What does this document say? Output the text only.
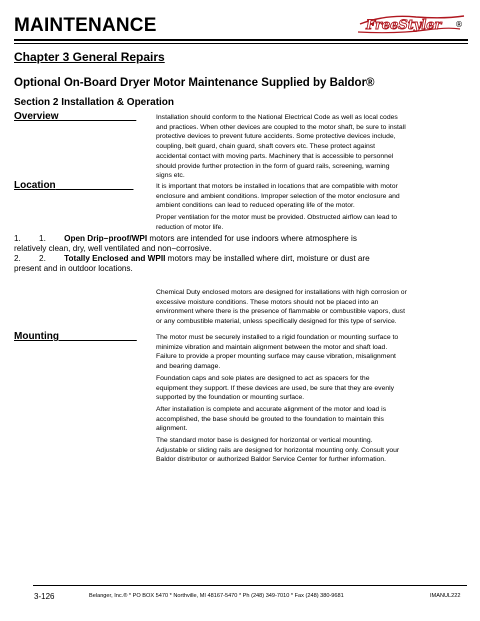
MAINTENANCE	FreeStyler ®
Chapter 3 General Repairs
Optional On-Board Dryer Motor Maintenance Supplied by Baldor®
Section 2 Installation & Operation
Overview	Installation should conform to the National Electrical Code as well as local codes
and practices. When other devices are coupled to the motor shaft, be sure to install
protective devices to prevent future accidents. Some protective devices include,
coupling, belt guard, chain guard, shaft covers etc. These protect against
accidental contact with moving parts. Machinery that is accessible to personnel
should provide further protection in the form of guard rails, screening, warning
signs etc.
Location	It is important that motors be installed in locations that are compatible with motor
enclosure and ambient conditions. Improper selection of the motor enclosure and
ambient conditions can lead to reduced operating life of the motor.
Proper ventilation for the motor must be provided. Obstructed airflow can lead to
reduction of motor life.
1. 1. Open Drip−proof/WPI motors are intended for use indoors where atmosphere is
relatively clean, dry, well ventilated and non−corrosive.
2. 2. Totally Enclosed and WPII motors may be installed where dirt, moisture or dust are
present and in outdoor locations.
Chemical Duty enclosed motors are designed for installations with high corrosion or
excessive moisture conditions. These motors should not be placed into an
environment where there is the presence of flammable or combustible vapors, dust
or any combustible material, unless specifically designed for this type of service.
Mounting	The motor must be securely installed to a rigid foundation or mounting surface to
minimize vibration and maintain alignment between the motor and shaft load.
Failure to provide a proper mounting surface may cause vibration, misalignment
and bearing damage.
Foundation caps and sole plates are designed to act as spacers for the
equipment they support. If these devices are used, be sure that they are evenly
supported by the foundation or mounting surface.
After installation is complete and accurate alignment of the motor and load is
accomplished, the base should be grouted to the foundation to maintain this
alignment.
The standard motor base is designed for horizontal or vertical mounting.
Adjustable or sliding rails are designed for horizontal mounting only. Consult your
Baldor distributor or authorized Baldor Service Center for further information.
3-126	Belanger, Inc.® * PO BOX 5470 * Northville, MI 48167-5470 * Ph (248) 349-7010 * Fax (248) 380-9681	IMANUL222
